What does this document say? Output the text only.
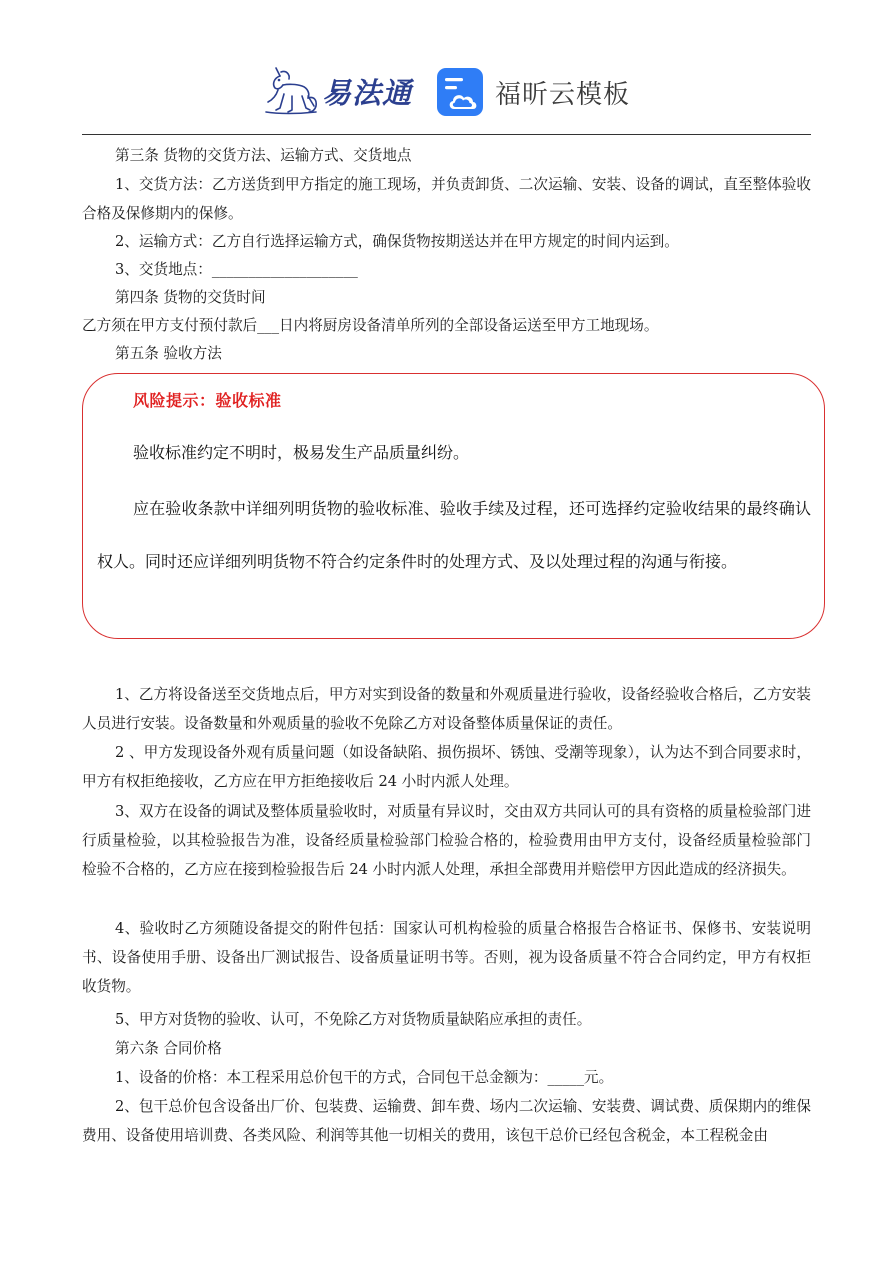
易法通	福昕云模板

第三条 货物的交货方法、运输方式、交货地点

1、交货方法：乙方送货到甲方指定的施工现场，并负责卸货、二次运输、安装、设备的调试，直至整体验收合格及保修期内的保修。

2、运输方式：乙方自行选择运输方式，确保货物按期送达并在甲方规定的时间内运到。

3、交货地点：____________________

第四条 货物的交货时间

乙方须在甲方支付预付款后___日内将厨房设备清单所列的全部设备运送至甲方工地现场。

第五条 验收方法

风险提示：验收标准
验收标准约定不明时，极易发生产品质量纠纷。

应在验收条款中详细列明货物的验收标准、验收手续及过程，还可选择约定验收结果的最终确认权人。同时还应详细列明货物不符合约定条件时的处理方式、及以处理过程的沟通与衔接。

1、乙方将设备送至交货地点后，甲方对实到设备的数量和外观质量进行验收，设备经验收合格后，乙方安装人员进行安装。设备数量和外观质量的验收不免除乙方对设备整体质量保证的责任。

2 、甲方发现设备外观有质量问题（如设备缺陷、损伤损坏、锈蚀、受潮等现象），认为达不到合同要求时，甲方有权拒绝接收，乙方应在甲方拒绝接收后 24 小时内派人处理。

3、双方在设备的调试及整体质量验收时，对质量有异议时，交由双方共同认可的具有资格的质量检验部门进行质量检验，以其检验报告为准，设备经质量检验部门检验合格的，检验费用由甲方支付，设备经质量检验部门检验不合格的，乙方应在接到检验报告后 24 小时内派人处理，承担全部费用并赔偿甲方因此造成的经济损失。

4、验收时乙方须随设备提交的附件包括：国家认可机构检验的质量合格报告合格证书、保修书、安装说明书、设备使用手册、设备出厂测试报告、设备质量证明书等。否则，视为设备质量不符合合同约定，甲方有权拒收货物。

5、甲方对货物的验收、认可，不免除乙方对货物质量缺陷应承担的责任。

第六条 合同价格

1、设备的价格：本工程采用总价包干的方式，合同包干总金额为：_____元。

2、包干总价包含设备出厂价、包装费、运输费、卸车费、场内二次运输、安装费、调试费、质保期内的维保费用、设备使用培训费、各类风险、利润等其他一切相关的费用，该包干总价已经包含税金，本工程税金由
